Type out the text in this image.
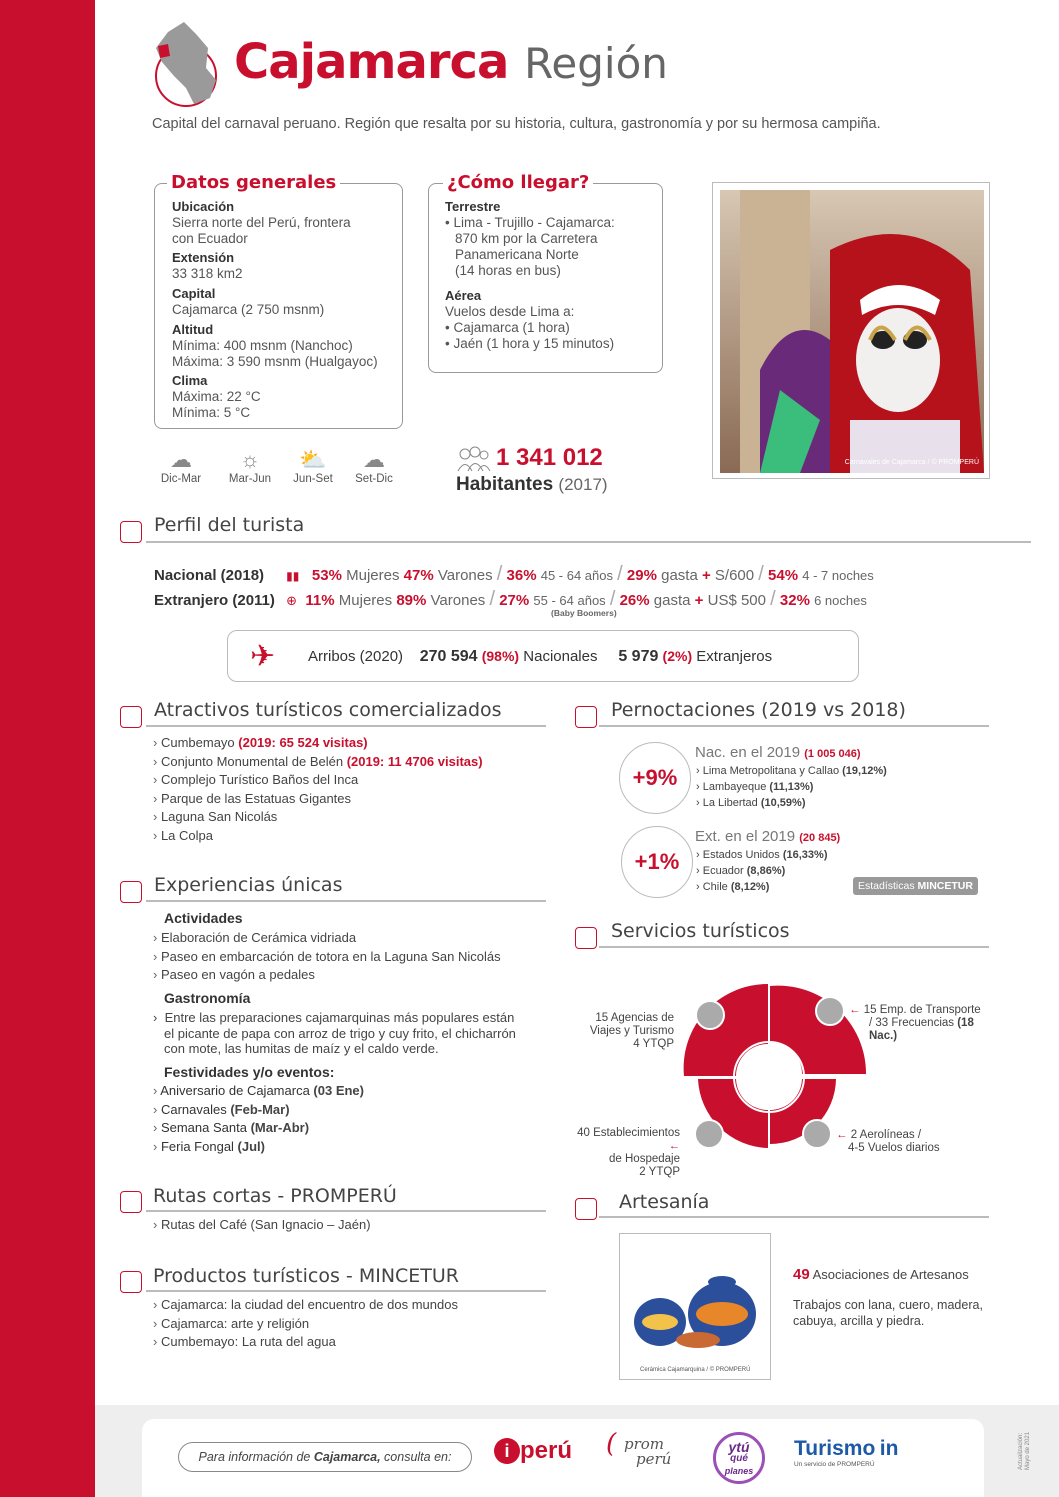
Cajamarca Región
Capital del carnaval peruano. Región que resalta por su historia, cultura, gastronomía y por su hermosa campiña.
Datos generales
Ubicación
Sierra norte del Perú, frontera
con Ecuador
Extensión
33 318 km2
Capital
Cajamarca (2 750 msnm)
Altitud
Mínima: 400 msnm (Nanchoc)
Máxima: 3 590 msnm (Hualgayoc)
Clima
Máxima: 22 °C
Mínima: 5 °C
¿Cómo llegar?
Terrestre
• Lima - Trujillo - Cajamarca:
870 km por la Carretera
Panamericana Norte
(14 horas en bus)
Aérea
Vuelos desde Lima a:
• Cajamarca (1 hora)
• Jaén (1 hora y 15 minutos)
Carnavales de Cajamarca / © PROMPERÚ
☁
Dic-Mar
☼
Mar-Jun
⛅
Jun-Set
☁
Set-Dic
1 341 012
Habitantes (2017)
Perfil del turista
Nacional (2018) ▮▮ 53% Mujeres 47% Varones / 36% 45 - 64 años / 29% gasta + S/600 / 54% 4 - 7 noches
Extranjero (2011) ⊕ 11% Mujeres 89% Varones / 27% 55 - 64 años / 26% gasta + US$ 500 / 32% 6 noches
(Baby Boomers)
✈ Arribos (2020) 270 594 (98%) Nacionales 5 979 (2%) Extranjeros
Atractivos turísticos comercializados
› Cumbemayo (2019: 65 524 visitas)
› Conjunto Monumental de Belén (2019: 11 4706 visitas)
› Complejo Turístico Baños del Inca
› Parque de las Estatuas Gigantes
› Laguna San Nicolás
› La Colpa
Experiencias únicas
Actividades
› Elaboración de Cerámica vidriada
› Paseo en embarcación de totora en la Laguna San Nicolás
› Paseo en vagón a pedales
Gastronomía
›  Entre las preparaciones cajamarquinas más populares están
el picante de papa con arroz de trigo y cuy frito, el chicharrón
con mote, las humitas de maíz y el caldo verde.
Festividades y/o eventos:
› Aniversario de Cajamarca (03 Ene)
› Carnavales (Feb-Mar)
› Semana Santa (Mar-Abr)
› Feria Fongal (Jul)
Rutas cortas - PROMPERÚ
› Rutas del Café (San Ignacio – Jaén)
Productos turísticos - MINCETUR
› Cajamarca: la ciudad del encuentro de dos mundos
› Cajamarca: arte y religión
› Cumbemayo: La ruta del agua
Pernoctaciones (2019 vs 2018)
+9%
Nac. en el 2019 (1 005 046)
› Lima Metropolitana y Callao (19,12%)
› Lambayeque (11,13%)
› La Libertad (10,59%)
+1%
Ext. en el 2019 (20 845)
› Estados Unidos (16,33%)
› Ecuador (8,86%)
› Chile (8,12%)	Estadísticas MINCETUR
Servicios turísticos
15 Agencias de
Viajes y Turismo
4 YTQP
← 15 Emp. de Transporte
/ 33 Frecuencias (18
Nac.)
40 Establecimientos ←
de Hospedaje
2 YTQP
← 2 Aerolíneas /
4-5 Vuelos diarios
Artesanía
Cerámica Cajamarquina / © PROMPERÚ
49 Asociaciones de Artesanos
Trabajos con lana, cuero, madera,
cabuya, arcilla y piedra.
Para información de Cajamarca, consulta en:	i perú ( prom
perú
ytú
qué
planes
Turismo in
Un servicio de PROMPERÚ	Actualización: Mayo de 2021
